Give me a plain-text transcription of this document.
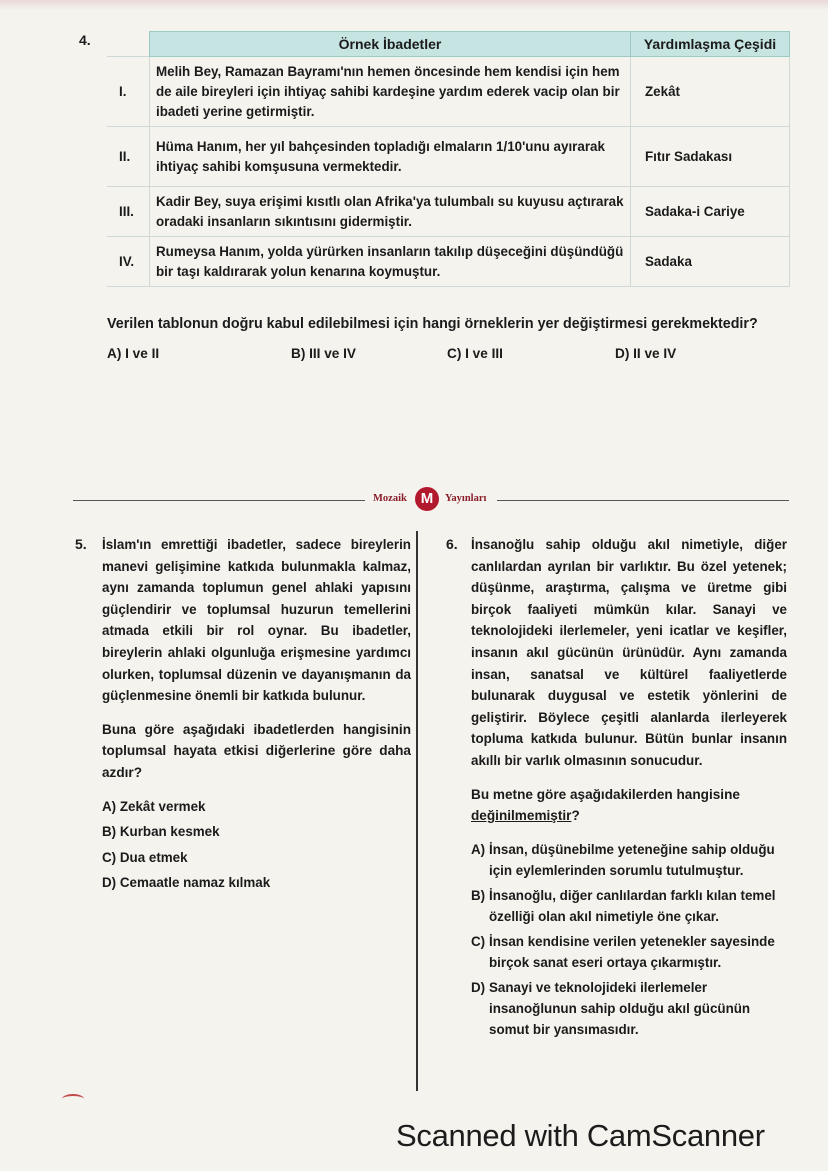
4.
		Örnek İbadetler	Yardımlaşma Çeşidi
I.	Melih Bey, Ramazan Bayramı'nın hemen öncesinde hem kendisi için hem de aile bireyleri için ihtiyaç sahibi kardeşine yardım ederek vacip olan bir ibadeti yerine getirmiştir.	Zekât
II.	Hüma Hanım, her yıl bahçesinden topladığı elmaların 1/10'unu ayırarak ihtiyaç sahibi komşusuna vermektedir.	Fıtır Sadakası
III.	Kadir Bey, suya erişimi kısıtlı olan Afrika'ya tulumbalı su kuyusu açtırarak oradaki insanların sıkıntısını gidermiştir.	Sadaka-i Cariye
IV.	Rumeysa Hanım, yolda yürürken insanların takılıp düşeceğini düşündüğü bir taşı kaldırarak yolun kenarına koymuştur.	Sadaka
Verilen tablonun doğru kabul edilebilmesi için hangi örneklerin yer değiştirmesi gerekmektedir?
A) I ve II	B) III ve IV	C) I ve III	D) II ve IV
Mozaik M	Yayınları
5. İslam'ın emrettiği ibadetler, sadece bireylerin manevi gelişimine katkıda bulunmakla kalmaz, aynı zamanda toplumun genel ahlaki yapısını güçlendirir ve toplumsal huzurun temellerini atmada etkili bir rol oynar. Bu ibadetler, bireylerin ahlaki olgunluğa erişmesine yardımcı olurken, toplumsal düzenin ve dayanışmanın da güçlenmesine önemli bir katkıda bulunur.

Buna göre aşağıdaki ibadetlerden hangisinin toplumsal hayata etkisi diğerlerine göre daha azdır?

A) Zekât vermek
B) Kurban kesmek
C) Dua etmek
D) Cemaatle namaz kılmak
6. İnsanoğlu sahip olduğu akıl nimetiyle, diğer canlılardan ayrılan bir varlıktır. Bu özel yetenek; düşünme, araştırma, çalışma ve üretme gibi birçok faaliyeti mümkün kılar. Sanayi ve teknolojideki ilerlemeler, yeni icatlar ve keşifler, insanın akıl gücünün ürünüdür. Aynı zamanda insan, sanatsal ve kültürel faaliyetlerde bulunarak duygusal ve estetik yönlerini de geliştirir. Böylece çeşitli alanlarda ilerleyerek topluma katkıda bulunur. Bütün bunlar insanın akıllı bir varlık olmasının sonucudur.

Bu metne göre aşağıdakilerden hangisine değinilmemiştir?

A) İnsan, düşünebilme yeteneğine sahip olduğu için eylemlerinden sorumlu tutulmuştur.
B) İnsanoğlu, diğer canlılardan farklı kılan temel özelliği olan akıl nimetiyle öne çıkar.
C) İnsan kendisine verilen yetenekler sayesinde birçok sanat eseri ortaya çıkarmıştır.
D) Sanayi ve teknolojideki ilerlemeler insanoğlunun sahip olduğu akıl gücünün somut bir yansımasıdır.
Scanned with CamScanner
